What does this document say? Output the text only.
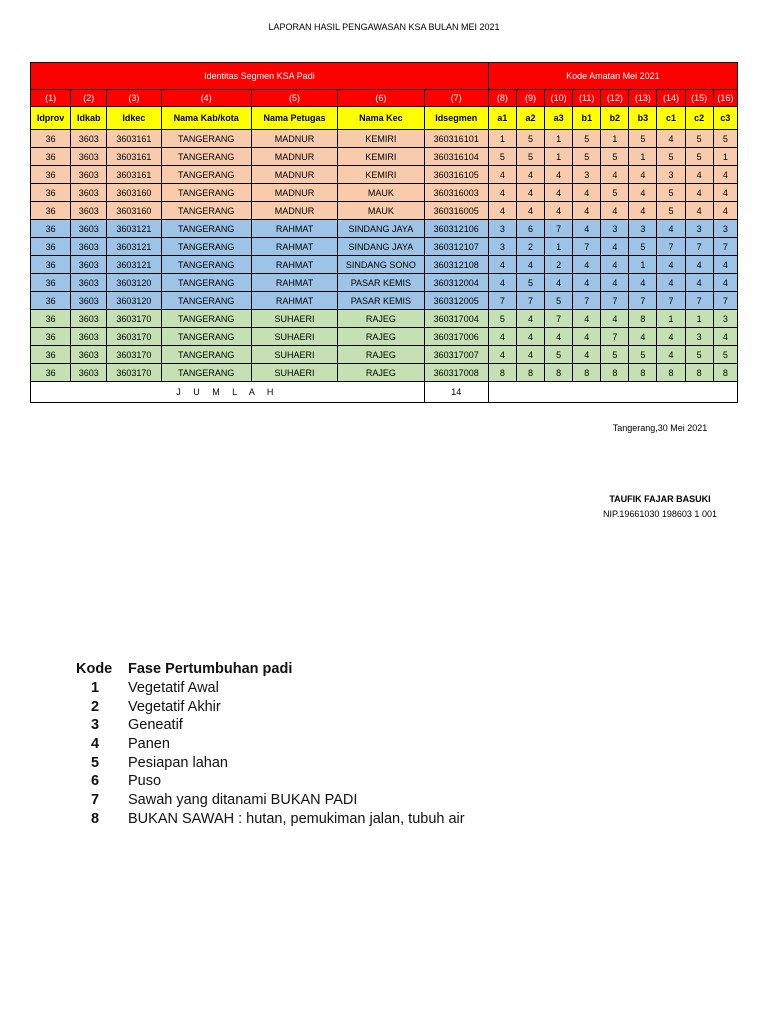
LAPORAN HASIL PENGAWASAN KSA BULAN MEI 2021
Identitas Segmen KSA Padi							Kode Amatan Mei 2021								
(1)	(2)	(3)	(4)	(5)	(6)	(7)	(8)	(9)	(10)	(11)	(12)	(13)	(14)	(15)	(16)
Idprov	Idkab	Idkec	Nama Kab/kota	Nama Petugas	Nama Kec	Idsegmen	a1	a2	a3	b1	b2	b3	c1	c2	c3
36	3603	3603161	TANGERANG	MADNUR	KEMIRI	360316101	1	5	1	5	1	5	4	5	5
36	3603	3603161	TANGERANG	MADNUR	KEMIRI	360316104	5	5	1	5	5	1	5	5	1
36	3603	3603161	TANGERANG	MADNUR	KEMIRI	360316105	4	4	4	3	4	4	3	4	4
36	3603	3603160	TANGERANG	MADNUR	MAUK	360316003	4	4	4	4	5	4	5	4	4
36	3603	3603160	TANGERANG	MADNUR	MAUK	360316005	4	4	4	4	4	4	5	4	4
36	3603	3603121	TANGERANG	RAHMAT	SINDANG JAYA	360312106	3	6	7	4	3	3	4	3	3
36	3603	3603121	TANGERANG	RAHMAT	SINDANG JAYA	360312107	3	2	1	7	4	5	7	7	7
36	3603	3603121	TANGERANG	RAHMAT	SINDANG SONO	360312108	4	4	2	4	4	1	4	4	4
36	3603	3603120	TANGERANG	RAHMAT	PASAR KEMIS	360312004	4	5	4	4	4	4	4	4	4
36	3603	3603120	TANGERANG	RAHMAT	PASAR KEMIS	360312005	7	7	5	7	7	7	7	7	7
36	3603	3603170	TANGERANG	SUHAERI	RAJEG	360317004	5	4	7	4	4	8	1	1	3
36	3603	3603170	TANGERANG	SUHAERI	RAJEG	360317006	4	4	4	4	7	4	4	3	4
36	3603	3603170	TANGERANG	SUHAERI	RAJEG	360317007	4	4	5	4	5	5	4	5	5
36	3603	3603170	TANGERANG	SUHAERI	RAJEG	360317008	8	8	8	8	8	8	8	8	8
J U M L A H						14									
Tangerang,30 Mei 2021
TAUFIK FAJAR BASUKI
NIP.19661030 198603 1 001
Kode	Fase Pertumbuhan padi
1	Vegetatif Awal
2	Vegetatif Akhir
3	Geneatif
4	Panen
5	Pesiapan lahan
6	Puso
7	Sawah yang ditanami BUKAN PADI
8	BUKAN SAWAH : hutan, pemukiman jalan, tubuh air
